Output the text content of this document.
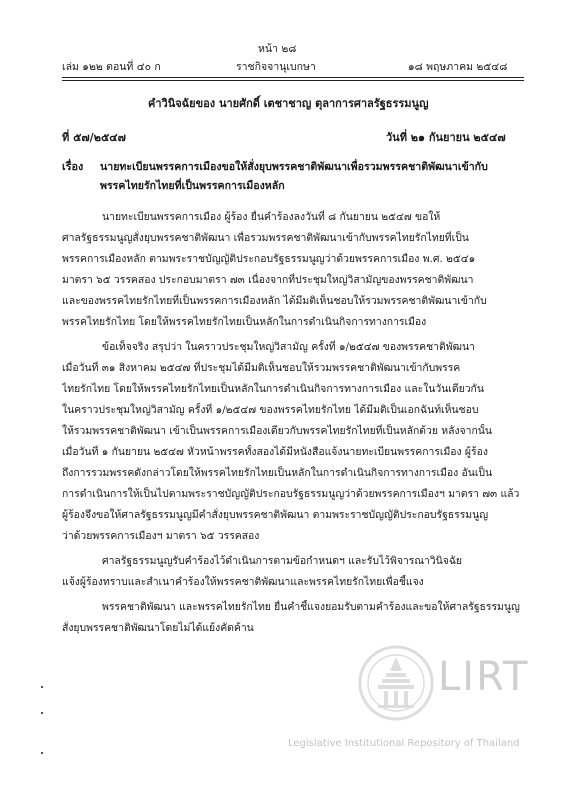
หน้า ๒๘
เล่ม ๑๒๒ ตอนที่ ๔๐ ก	ราชกิจจานุเบกษา	๑๘ พฤษภาคม ๒๕๔๘
คำวินิจฉัยของ นายศักดิ์ เตชาชาญ ตุลาการศาลรัฐธรรมนูญ
ที่ ๕๗/๒๕๔๗	วันที่ ๒๑ กันยายน ๒๕๔๗
เรื่อง นายทะเบียนพรรคการเมืองขอให้สั่งยุบพรรคชาติพัฒนาเพื่อรวมพรรคชาติพัฒนาเข้ากับ
พรรคไทยรักไทยที่เป็นพรรคการเมืองหลัก
นายทะเบียนพรรคการเมือง ผู้ร้อง ยื่นคำร้องลงวันที่ ๘ กันยายน ๒๕๔๗ ขอให้
ศาลรัฐธรรมนูญสั่งยุบพรรคชาติพัฒนา เพื่อรวมพรรคชาติพัฒนาเข้ากับพรรคไทยรักไทยที่เป็น
พรรคการเมืองหลัก ตามพระราชบัญญัติประกอบรัฐธรรมนูญว่าด้วยพรรคการเมือง พ.ศ. ๒๕๔๑
มาตรา ๖๕ วรรคสอง ประกอบมาตรา ๗๓ เนื่องจากที่ประชุมใหญ่วิสามัญของพรรคชาติพัฒนา
และของพรรคไทยรักไทยที่เป็นพรรคการเมืองหลัก ได้มีมติเห็นชอบให้รวมพรรคชาติพัฒนาเข้ากับ
พรรคไทยรักไทย โดยให้พรรคไทยรักไทยเป็นหลักในการดำเนินกิจการทางการเมือง
ข้อเท็จจริง สรุปว่า ในคราวประชุมใหญ่วิสามัญ ครั้งที่ ๑/๒๕๔๗ ของพรรคชาติพัฒนา
เมื่อวันที่ ๓๑ สิงหาคม ๒๕๔๗ ที่ประชุมได้มีมติเห็นชอบให้รวมพรรคชาติพัฒนาเข้ากับพรรค
ไทยรักไทย โดยให้พรรคไทยรักไทยเป็นหลักในการดำเนินกิจการทางการเมือง และในวันเดียวกัน
ในคราวประชุมใหญ่วิสามัญ ครั้งที่ ๑/๒๕๔๗ ของพรรคไทยรักไทย ได้มีมติเป็นเอกฉันท์เห็นชอบ
ให้รวมพรรคชาติพัฒนา เข้าเป็นพรรคการเมืองเดียวกับพรรคไทยรักไทยที่เป็นหลักด้วย หลังจากนั้น
เมื่อวันที่ ๑ กันยายน ๒๕๔๗ หัวหน้าพรรคทั้งสองได้มีหนังสือแจ้งนายทะเบียนพรรคการเมือง ผู้ร้อง
ถึงการรวมพรรคดังกล่าวโดยให้พรรคไทยรักไทยเป็นหลักในการดำเนินกิจการทางการเมือง อันเป็น
การดำเนินการให้เป็นไปตามพระราชบัญญัติประกอบรัฐธรรมนูญว่าด้วยพรรคการเมืองฯ มาตรา ๗๓ แล้ว
ผู้ร้องจึงขอให้ศาลรัฐธรรมนูญมีคำสั่งยุบพรรคชาติพัฒนา ตามพระราชบัญญัติประกอบรัฐธรรมนูญ
ว่าด้วยพรรคการเมืองฯ มาตรา ๖๕ วรรคสอง
ศาลรัฐธรรมนูญรับคำร้องไว้ดำเนินการตามข้อกำหนดฯ และรับไว้พิจารณาวินิจฉัย
แจ้งผู้ร้องทราบและสำเนาคำร้องให้พรรคชาติพัฒนาและพรรคไทยรักไทยเพื่อชี้แจง
พรรคชาติพัฒนา และพรรคไทยรักไทย ยื่นคำชี้แจงยอมรับตามคำร้องและขอให้ศาลรัฐธรรมนูญ
สั่งยุบพรรคชาติพัฒนาโดยไม่ได้แย้งคัดค้าน
LIRT
Legislative Institutional Repository of Thailand
